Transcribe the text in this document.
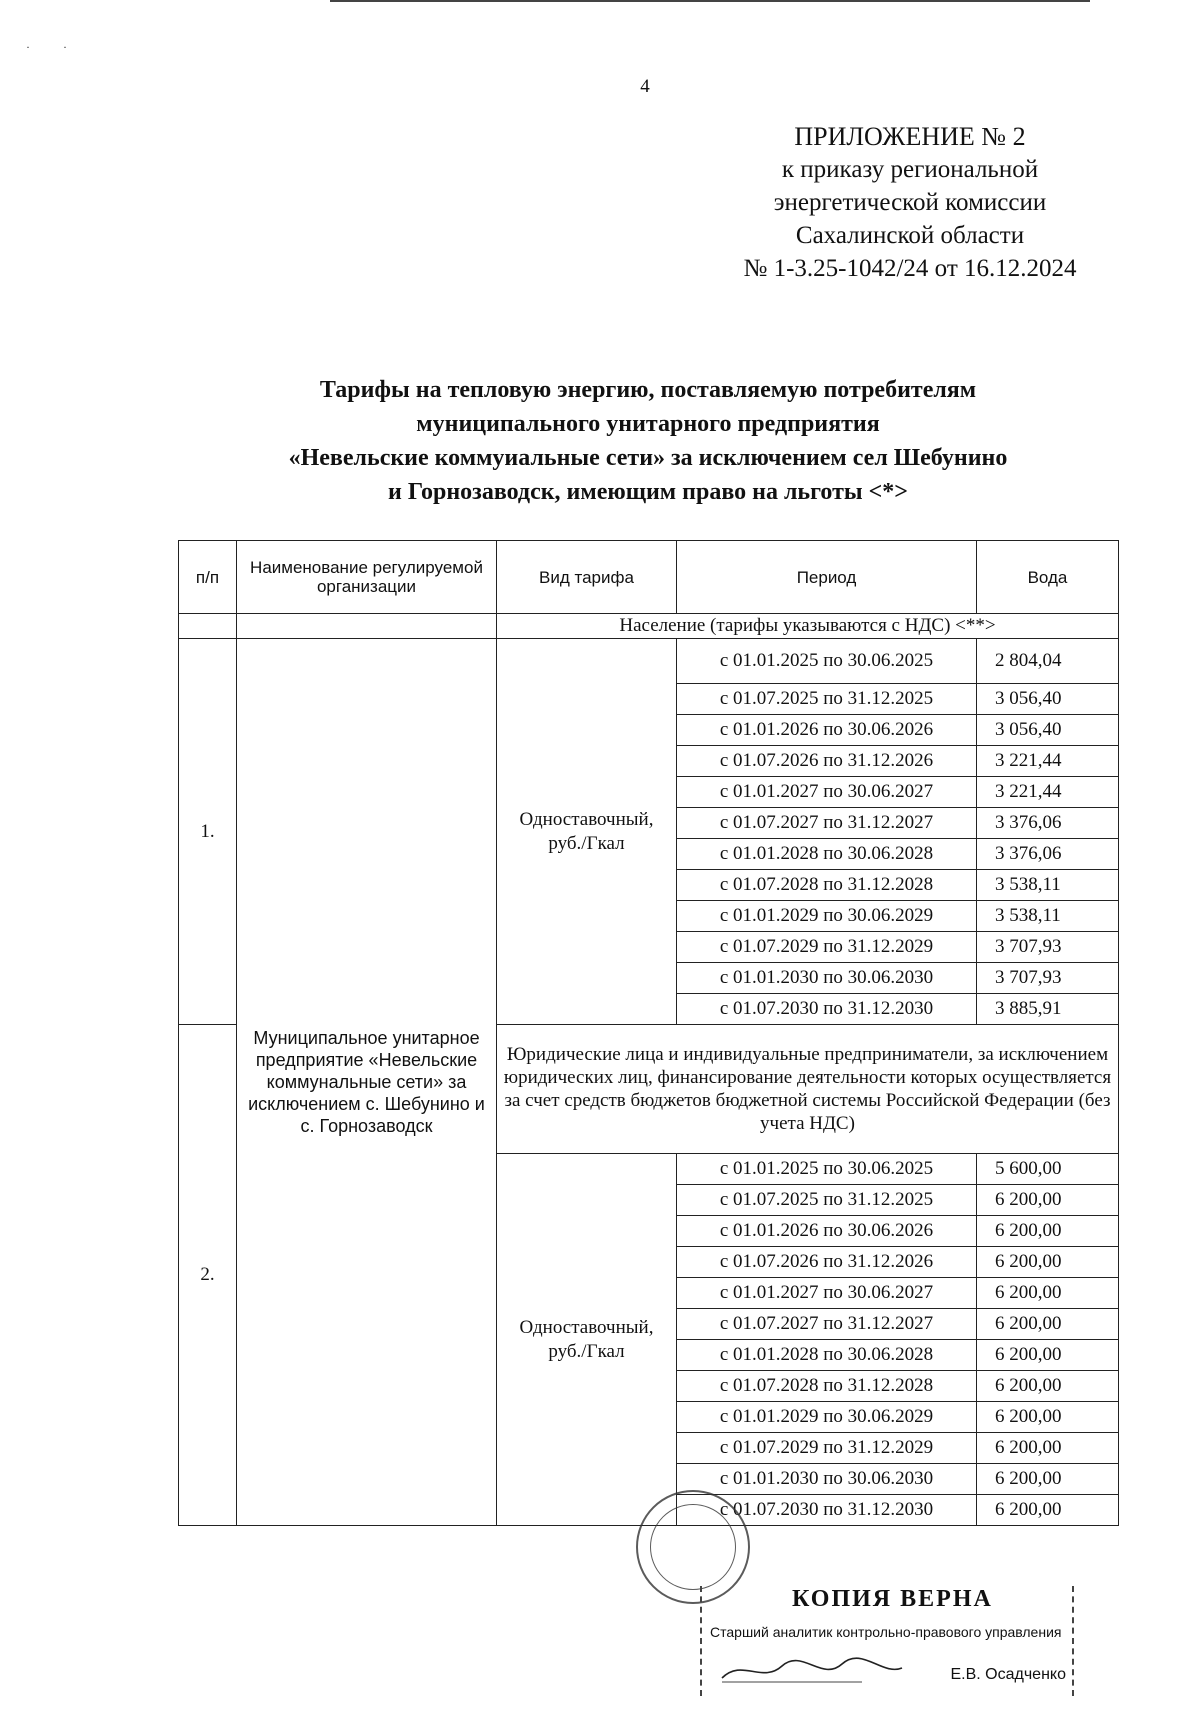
·           ·
4
ПРИЛОЖЕНИЕ № 2
к приказу региональной
энергетической комиссии
Сахалинской области
№ 1-3.25-1042/24 от 16.12.2024
Тарифы на тепловую энергию, поставляемую потребителям
муниципального унитарного предприятия
«Невельские коммуиальные сети» за исключением сел Шебунино
и Горнозаводск, имеющим право на льготы <*>
п/п	Наименование регулируемой организации	Вид тарифа	Период	Вода
		Население (тарифы указываются с НДС) <**>		
1.	Муниципальное унитарное предприятие «Невельские коммунальные сети» за исключением с. Шебунино и с. Горнозаводск	Одноставочный, руб./Гкал	с 01.01.2025 по 30.06.2025	2 804,04
			с 01.07.2025 по 31.12.2025	3 056,40
			с 01.01.2026 по 30.06.2026	3 056,40
			с 01.07.2026 по 31.12.2026	3 221,44
			с 01.01.2027 по 30.06.2027	3 221,44
			с 01.07.2027 по 31.12.2027	3 376,06
			с 01.01.2028 по 30.06.2028	3 376,06
			с 01.07.2028 по 31.12.2028	3 538,11
			с 01.01.2029 по 30.06.2029	3 538,11
			с 01.07.2029 по 31.12.2029	3 707,93
			с 01.01.2030 по 30.06.2030	3 707,93
			с 01.07.2030 по 31.12.2030	3 885,91
2.		Юридические лица и индивидуальные предприниматели, за исключением юридических лиц, финансирование деятельности которых осуществляется за счет средств бюджетов бюджетной системы Российской Федерации (без учета НДС)		
		Одноставочный, руб./Гкал	с 01.01.2025 по 30.06.2025	5 600,00
			с 01.07.2025 по 31.12.2025	6 200,00
			с 01.01.2026 по 30.06.2026	6 200,00
			с 01.07.2026 по 31.12.2026	6 200,00
			с 01.01.2027 по 30.06.2027	6 200,00
			с 01.07.2027 по 31.12.2027	6 200,00
			с 01.01.2028 по 30.06.2028	6 200,00
			с 01.07.2028 по 31.12.2028	6 200,00
			с 01.01.2029 по 30.06.2029	6 200,00
			с 01.07.2029 по 31.12.2029	6 200,00
			с 01.01.2030 по 30.06.2030	6 200,00
			с 01.07.2030 по 31.12.2030	6 200,00
КОПИЯ ВЕРНА
Старший аналитик контрольно-правового управления
Е.В. Осадченко
